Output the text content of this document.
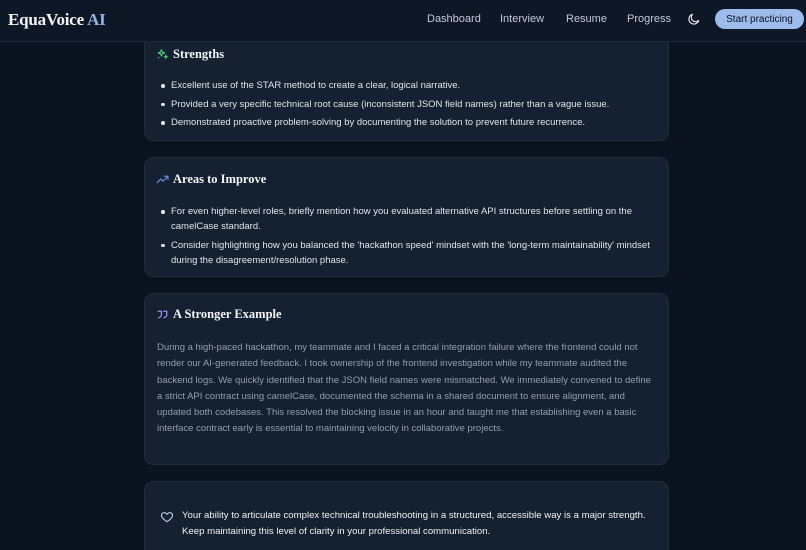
EquaVoice AI	Dashboard Interview Resume Progress	Start practicing
Strengths
Excellent use of the STAR method to create a clear, logical narrative.
Provided a very specific technical root cause (inconsistent JSON field names) rather than a vague issue.
Demonstrated proactive problem-solving by documenting the solution to prevent future recurrence.
Areas to Improve
For even higher-level roles, briefly mention how you evaluated alternative API structures before settling on the camelCase standard.
Consider highlighting how you balanced the 'hackathon speed' mindset with the 'long-term maintainability' mindset during the disagreement/resolution phase.
A Stronger Example

During a high-paced hackathon, my teammate and I faced a critical integration failure where the frontend could not render our AI-generated feedback. I took ownership of the frontend investigation while my teammate audited the backend logs. We quickly identified that the JSON field names were mismatched. We immediately convened to define a strict API contract using camelCase, documented the schema in a shared document to ensure alignment, and updated both codebases. This resolved the blocking issue in an hour and taught me that establishing even a basic interface contract early is essential to maintaining velocity in collaborative projects.

Your ability to articulate complex technical troubleshooting in a structured, accessible way is a major strength. Keep maintaining this level of clarity in your professional communication.
